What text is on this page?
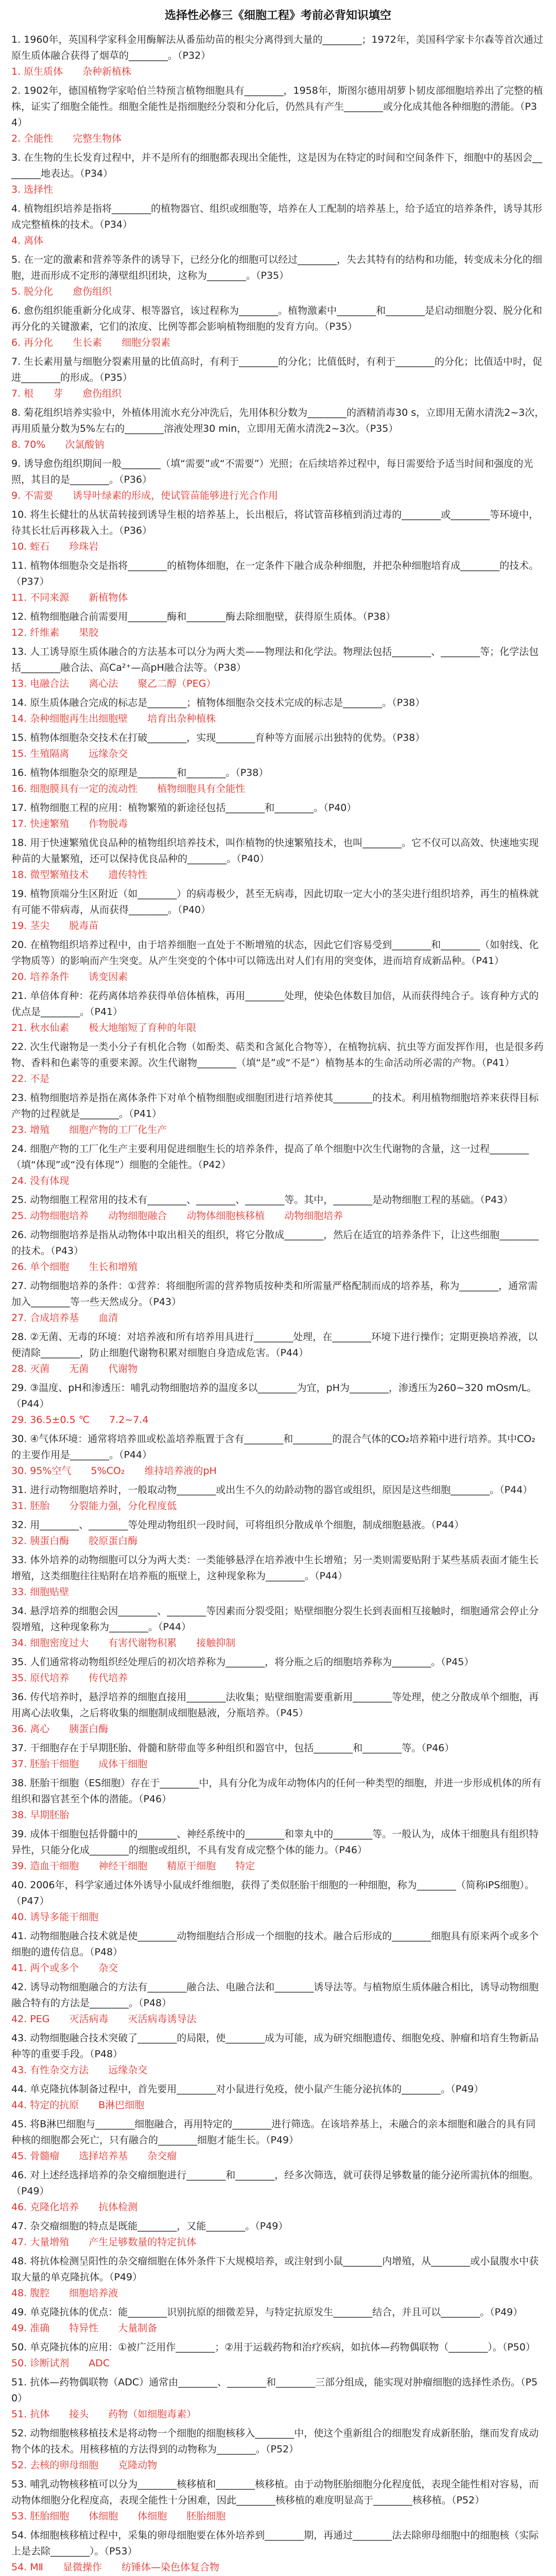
选择性必修三《细胞工程》考前必背知识填空

1. 1960年，英国科学家科金用酶解法从番茄幼苗的根尖分离得到大量的________；1972年，美国科学家卡尔森等首次通过原生质体融合获得了烟草的________。（P32）

1. 原生质体　　杂种新植株

2. 1902年，德国植物学家哈伯兰特预言植物细胞具有________，1958年，斯图尔德用胡萝卜韧皮部细胞培养出了完整的植株，证实了细胞全能性。细胞全能性是指细胞经分裂和分化后，仍然具有产生________或分化成其他各种细胞的潜能。（P34）

2. 全能性　　完整生物体

3. 在生物的生长发育过程中，并不是所有的细胞都表现出全能性，这是因为在特定的时间和空间条件下，细胞中的基因会________地表达。（P34）

3. 选择性

4. 植物组织培养是指将________的植物器官、组织或细胞等，培养在人工配制的培养基上，给予适宜的培养条件，诱导其形成完整植株的技术。（P34）

4. 离体

5. 在一定的激素和营养等条件的诱导下，已经分化的细胞可以经过________，失去其特有的结构和功能，转变成未分化的细胞，进而形成不定形的薄壁组织团块，这称为________。（P35）

5. 脱分化　　愈伤组织

6. 愈伤组织能重新分化成芽、根等器官，该过程称为________。植物激素中________和________是启动细胞分裂、脱分化和再分化的关键激素，它们的浓度、比例等都会影响植物细胞的发育方向。（P35）

6. 再分化　　生长素　　细胞分裂素

7. 生长素用量与细胞分裂素用量的比值高时，有利于________的分化；比值低时，有利于________的分化；比值适中时，促进________的形成。（P35）

7. 根　　芽　　愈伤组织

8. 菊花组织培养实验中，外植体用流水充分冲洗后，先用体积分数为________的酒精消毒30 s，立即用无菌水清洗2~3次，再用质量分数为5%左右的________溶液处理30 min，立即用无菌水清洗2~3次。（P35）

8. 70%　　次氯酸钠

9. 诱导愈伤组织期间一般________（填“需要”或“不需要”）光照；在后续培养过程中，每日需要给予适当时间和强度的光照，其目的是________。（P36）

9. 不需要　　诱导叶绿素的形成，使试管苗能够进行光合作用

10. 将生长健壮的丛状苗转接到诱导生根的培养基上，长出根后，将试管苗移植到消过毒的________或________等环境中，待其长壮后再移栽入土。（P36）

10. 蛭石　　珍珠岩

11. 植物体细胞杂交是指将________的植物体细胞，在一定条件下融合成杂种细胞，并把杂种细胞培育成________的技术。（P37）

11. 不同来源　　新植物体

12. 植物细胞融合前需要用________酶和________酶去除细胞壁，获得原生质体。（P38）

12. 纤维素　　果胶

13. 人工诱导原生质体融合的方法基本可以分为两大类——物理法和化学法。物理法包括________、________等；化学法包括________融合法、高Ca²⁺—高pH融合法等。（P38）

13. 电融合法　　离心法　　聚乙二醇（PEG）

14. 原生质体融合完成的标志是________；植物体细胞杂交技术完成的标志是________。（P38）

14. 杂种细胞再生出细胞壁　　培育出杂种植株

15. 植物体细胞杂交技术在打破________，实现________育种等方面展示出独特的优势。（P38）

15. 生殖隔离　　远缘杂交

16. 植物体细胞杂交的原理是________和________。（P38）

16. 细胞膜具有一定的流动性　　植物细胞具有全能性

17. 植物细胞工程的应用：植物繁殖的新途径包括________和________。（P40）

17. 快速繁殖　　作物脱毒

18. 用于快速繁殖优良品种的植物组织培养技术，叫作植物的快速繁殖技术，也叫________。它不仅可以高效、快速地实现种苗的大量繁殖，还可以保持优良品种的________。（P40）

18. 微型繁殖技术　　遗传特性

19. 植物顶端分生区附近（如________）的病毒极少，甚至无病毒，因此切取一定大小的茎尖进行组织培养，再生的植株就有可能不带病毒，从而获得________。（P40）

19. 茎尖　　脱毒苗

20. 在植物组织培养过程中，由于培养细胞一直处于不断增殖的状态，因此它们容易受到________和________（如射线、化学物质等）的影响而产生突变。从产生突变的个体中可以筛选出对人们有用的突变体，进而培育成新品种。（P41）

20. 培养条件　　诱变因素

21. 单倍体育种：花药离体培养获得单倍体植株，再用________处理，使染色体数目加倍，从而获得纯合子。该育种方式的优点是________。（P41）

21. 秋水仙素　　极大地缩短了育种的年限

22. 次生代谢物是一类小分子有机化合物（如酚类、萜类和含氮化合物等），在植物抗病、抗虫等方面发挥作用，也是很多药物、香料和色素等的重要来源。次生代谢物________（填“是”或“不是”）植物基本的生命活动所必需的产物。（P41）

22. 不是

23. 植物细胞培养是指在离体条件下对单个植物细胞或细胞团进行培养使其________的技术。利用植物细胞培养来获得目标产物的过程就是________。（P41）

23. 增殖　　细胞产物的工厂化生产

24. 细胞产物的工厂化生产主要利用促进细胞生长的培养条件，提高了单个细胞中次生代谢物的含量，这一过程________（填“体现”或“没有体现”）细胞的全能性。（P42）

24. 没有体现

25. 动物细胞工程常用的技术有________、________、________等。其中，________是动物细胞工程的基础。（P43）

25. 动物细胞培养　　动物细胞融合　　动物体细胞核移植　　动物细胞培养

26. 动物细胞培养是指从动物体中取出相关的组织，将它分散成________，然后在适宜的培养条件下，让这些细胞________的技术。（P43）

26. 单个细胞　　生长和增殖

27. 动物细胞培养的条件：①营养：将细胞所需的营养物质按种类和所需量严格配制而成的培养基，称为________，通常需加入________等一些天然成分。（P43）

27. 合成培养基　　血清

28. ②无菌、无毒的环境：对培养液和所有培养用具进行________处理，在________环境下进行操作；定期更换培养液，以便清除________，防止细胞代谢物积累对细胞自身造成危害。（P44）

28. 灭菌　　无菌　　代谢物

29. ③温度、pH和渗透压：哺乳动物细胞培养的温度多以________为宜，pH为________，渗透压为260~320 mOsm/L。（P44）

29. 36.5±0.5 ℃　　7.2~7.4

30. ④气体环境：通常将培养皿或松盖培养瓶置于含有________和________的混合气体的CO₂培养箱中进行培养。其中CO₂的主要作用是________。（P44）

30. 95%空气　　5%CO₂　　维持培养液的pH

31. 进行动物细胞培养时，一般取动物________或出生不久的幼龄动物的器官或组织，原因是这些细胞________。（P44）

31. 胚胎　　分裂能力强，分化程度低

32. 用________、________等处理动物组织一段时间，可将组织分散成单个细胞，制成细胞悬液。（P44）

32. 胰蛋白酶　　胶原蛋白酶

33. 体外培养的动物细胞可以分为两大类：一类能够悬浮在培养液中生长增殖；另一类则需要贴附于某些基质表面才能生长增殖，这类细胞往往贴附在培养瓶的瓶壁上，这种现象称为________。（P44）

33. 细胞贴壁

34. 悬浮培养的细胞会因________、________等因素而分裂受阻；贴壁细胞分裂生长到表面相互接触时，细胞通常会停止分裂增殖，这种现象称为________。（P44）

34. 细胞密度过大　　有害代谢物积累　　接触抑制

35. 人们通常将动物组织经处理后的初次培养称为________，将分瓶之后的细胞培养称为________。（P45）

35. 原代培养　　传代培养

36. 传代培养时，悬浮培养的细胞直接用________法收集；贴壁细胞需要重新用________等处理，使之分散成单个细胞，再用离心法收集，之后将收集的细胞制成细胞悬液，分瓶培养。（P45）

36. 离心　　胰蛋白酶

37. 干细胞存在于早期胚胎、骨髓和脐带血等多种组织和器官中，包括________和________等。（P46）

37. 胚胎干细胞　　成体干细胞

38. 胚胎干细胞（ES细胞）存在于________中，具有分化为成年动物体内的任何一种类型的细胞，并进一步形成机体的所有组织和器官甚至个体的潜能。（P46）

38. 早期胚胎

39. 成体干细胞包括骨髓中的________、神经系统中的________和睾丸中的________等。一般认为，成体干细胞具有组织特异性，只能分化成________的细胞或组织，不具有发育成完整个体的能力。（P46）

39. 造血干细胞　　神经干细胞　　精原干细胞　　特定

40. 2006年，科学家通过体外诱导小鼠成纤维细胞，获得了类似胚胎干细胞的一种细胞，称为________（简称iPS细胞）。（P47）

40. 诱导多能干细胞

41. 动物细胞融合技术就是使________动物细胞结合形成一个细胞的技术。融合后形成的________细胞具有原来两个或多个细胞的遗传信息。（P48）

41. 两个或多个　　杂交

42. 诱导动物细胞融合的方法有________融合法、电融合法和________诱导法等。与植物原生质体融合相比，诱导动物细胞融合特有的方法是________。（P48）

42. PEG　　灭活病毒　　灭活病毒诱导法

43. 动物细胞融合技术突破了________的局限，使________成为可能，成为研究细胞遗传、细胞免疫、肿瘤和培育生物新品种等的重要手段。（P48）

43. 有性杂交方法　　远缘杂交

44. 单克隆抗体制备过程中，首先要用________对小鼠进行免疫，使小鼠产生能分泌抗体的________。（P49）

44. 特定的抗原　　B淋巴细胞

45. 将B淋巴细胞与________细胞融合，再用特定的________进行筛选。在该培养基上，未融合的亲本细胞和融合的具有同种核的细胞都会死亡，只有融合的________细胞才能生长。（P49）

45. 骨髓瘤　　选择培养基　　杂交瘤

46. 对上述经选择培养的杂交瘤细胞进行________和________，经多次筛选，就可获得足够数量的能分泌所需抗体的细胞。（P49）

46. 克隆化培养　　抗体检测

47. 杂交瘤细胞的特点是既能________，又能________。（P49）

47. 大量增殖　　产生足够数量的特定抗体

48. 将抗体检测呈阳性的杂交瘤细胞在体外条件下大规模培养，或注射到小鼠________内增殖，从________或小鼠腹水中获取大量的单克隆抗体。（P49）

48. 腹腔　　细胞培养液

49. 单克隆抗体的优点：能________识别抗原的细微差异，与特定抗原发生________结合，并且可以________。（P49）

49. 准确　　特异性　　大量制备

50. 单克隆抗体的应用：①被广泛用作________；②用于运载药物和治疗疾病，如抗体—药物偶联物（________）。（P50）

50. 诊断试剂　　ADC

51. 抗体—药物偶联物（ADC）通常由________、________和________三部分组成，能实现对肿瘤细胞的选择性杀伤。（P50）

51. 抗体　　接头　　药物（如细胞毒素）

52. 动物细胞核移植技术是将动物一个细胞的细胞核移入________中，使这个重新组合的细胞发育成新胚胎，继而发育成动物个体的技术。用核移植的方法得到的动物称为________。（P52）

52. 去核的卵母细胞　　克隆动物

53. 哺乳动物核移植可以分为________核移植和________核移植。由于动物胚胎细胞分化程度低，表现全能性相对容易，而动物体细胞分化程度高，表现全能性十分困难，因此________核移植的难度明显高于________核移植。（P52）

53. 胚胎细胞　　体细胞　　体细胞　　胚胎细胞

54. 体细胞核移植过程中，采集的卵母细胞要在体外培养到________期，再通过________法去除卵母细胞中的细胞核（实际上是去除________）。（P53）

54. MⅡ　　显微操作　　纺锤体—染色体复合物
